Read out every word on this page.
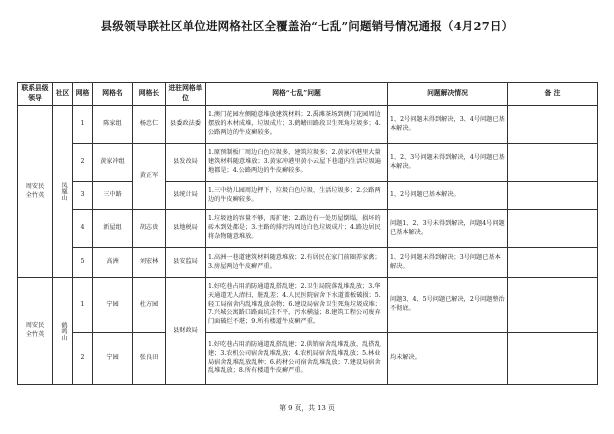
县级领导联社区单位进网格社区全覆盖治“七乱”问题销号情况通报（4月27日）
联系县级领导	社区	网格	网格名	网格长	进驻网格单位	网格“七乱”问题	问题解决情况	备 注
周安民
全竹英	凤凰山	1	陈家组	杨忠仁	县委政法委	1.澳门花园左侧随意堆放建筑材料；2.禹滩茶场到澳门花园周边摆放的木材成堆，垃圾成片；3.鹤鳍田路段卫生死角垃圾多；4.公路两边的牛皮癣较多。	1、2号问题未得到解决，3、4号问题已基本解决。	
		2	黄家冲组	黄正军	县发改局	1.原预制板厂周边白色垃圾多，建筑垃圾多；2.黄家冲港里大量建筑材料随意堆放；3.黄家冲港里黄小云屋下巷道内生活垃圾遍地都是；4.公路两边的牛皮癣较多。	1、2、3号问题未得到解决，4号问题已基本解决。	
		3	三中路		县统计局	1.三中幼儿园周边押下，垃圾白色垃圾、生活垃圾多；2.公路两边的牛皮癣较多。	1、2号问题已基本解决。	
		4	新屋组	胡志贵	县地税局	1.垃圾池的容量不够，需扩建；2.路边有一处历屋倒塌，损坏的砖木到处都是；3.主路的排污沟周边白色垃圾成片；4.路边居民将杂物随意堆放。	问题1、2、3号未得到解决，问题4号问题已基本解决。	
		5	高洲	刘宏林	县安监局	1.高洲一巷道建筑材料随意堆放；2.有居民在家门前圈养家禽；3.房屋两边牛皮癣严重。	1、2号问题未得到解决；3号问题已基本解决。	
周安民
全竹英	鹤鸣山	1	宁园	杜方园	县财政局	1.好吃巷占用消防通道乱搭乱建；2.卫生局院落乱堆乱放；3.华天通道无人清扫，脏乱差；4.人民医院宿舍下水道盖板破损；5.轻工局宿舍内乱堆乱放杂物；6.建设局宿舍卫生死角垃圾成堆；7.兴城公寓路口路面坑洼不平，污水横溢；8.建筑工程公司废弃门面破烂不堪；9.所有楼道牛皮癣严重。	问题3、4、5号问题已解决，2号问题整治不彻底。	
		2	宁园	张良田		1.好吃巷占用消防通道乱搭乱建；2.供销宿舍乱堆乱放、乱搭乱建；3.农机公司宿舍乱堆乱放；4.农机局宿舍乱堆乱放；5.林业局宿舍乱堆乱放乱种；6.药材公司宿舍乱堆乱放；7.建设局宿舍乱堆乱放；8.所有楼道牛皮癣严重。	均未解决。	
第 9 页，共 13 页
